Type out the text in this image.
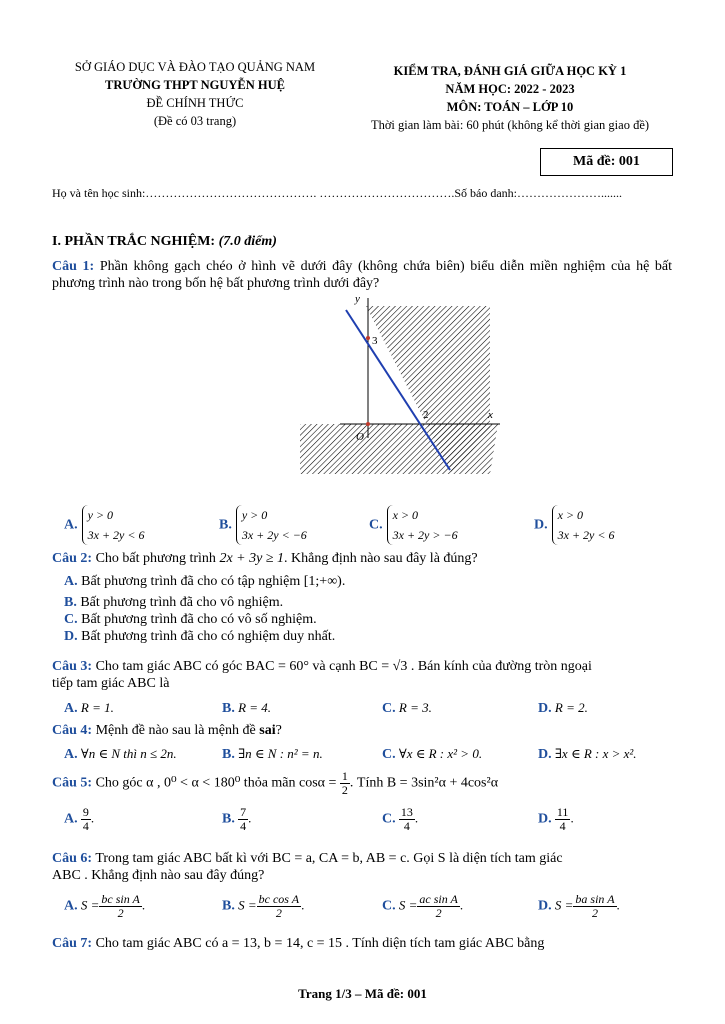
SỞ GIÁO DỤC VÀ ĐÀO TẠO QUẢNG NAM
TRƯỜNG THPT NGUYỄN HUỆ
ĐỀ CHÍNH THỨC
(Đề có 03 trang)
KIỂM TRA, ĐÁNH GIÁ GIỮA HỌC KỲ 1
NĂM HỌC: 2022 - 2023
MÔN: TOÁN – LỚP 10
Thời gian làm bài: 60 phút (không kể thời gian giao đề)
Mã đề: 001
Họ và tên học sinh:……………………………………. …………………………….Số báo danh:………………….......
I. PHẦN TRẮC NGHIỆM: (7.0 điểm)
Câu 1: Phần không gạch chéo ở hình vẽ dưới đây (không chứa biên) biểu diễn miền nghiệm của hệ bất phương trình nào trong bốn hệ bất phương trình dưới đây?
y
x
O
3
2
A.
y > 0
3x + 2y < 6
B.
y > 0
3x + 2y < −6
C.
x > 0
3x + 2y > −6
D.
x > 0
3x + 2y < 6
Câu 2: Cho bất phương trình 2x + 3y ≥ 1. Khẳng định nào sau đây là đúng?
A. Bất phương trình đã cho có tập nghiệm [1;+∞).
B. Bất phương trình đã cho vô nghiệm.
C. Bất phương trình đã cho có vô số nghiệm.
D. Bất phương trình đã cho có nghiệm duy nhất.
Câu 3: Cho tam giác ABC có góc BAC = 60° và cạnh BC = √3 . Bán kính của đường tròn ngoại
tiếp tam giác ABC là
A. R = 1.	B. R = 4.	C. R = 3.	D. R = 2.
Câu 4: Mệnh đề nào sau là mệnh đề sai?
A. ∀n ∈ N thì n ≤ 2n.	B. ∃n ∈ N : n² = n.	C. ∀x ∈ R : x² > 0.	D. ∃x ∈ R : x > x².
Câu 5: Cho góc α , 0⁰ < α < 180⁰ thỏa mãn $\cos\alpha = \frac{1}{2}$ . Tính B = 3sin²α + 4cos²α
A. $\frac{9}{4}$ .	B. $\frac{7}{4}$ .	C. $\frac{13}{4}$ .	D. $\frac{11}{4}$ .
Câu 6: Trong tam giác ABC bất kì với BC = a, CA = b, AB = c. Gọi S là diện tích tam giác
ABC . Khẳng định nào sau đây đúng?
A. $S = \frac{\text{bc sin A}}{2}$ .	B. $S = \frac{\text{bc cos A}}{2}$ .	C. $S = \frac{\text{ac sin A}}{2}$ .	D. $S = \frac{\text{ba sin A}}{2}$ .
Câu 7: Cho tam giác ABC có a = 13, b = 14, c = 15 . Tính diện tích tam giác ABC bằng
Trang 1/3 – Mã đề: 001
